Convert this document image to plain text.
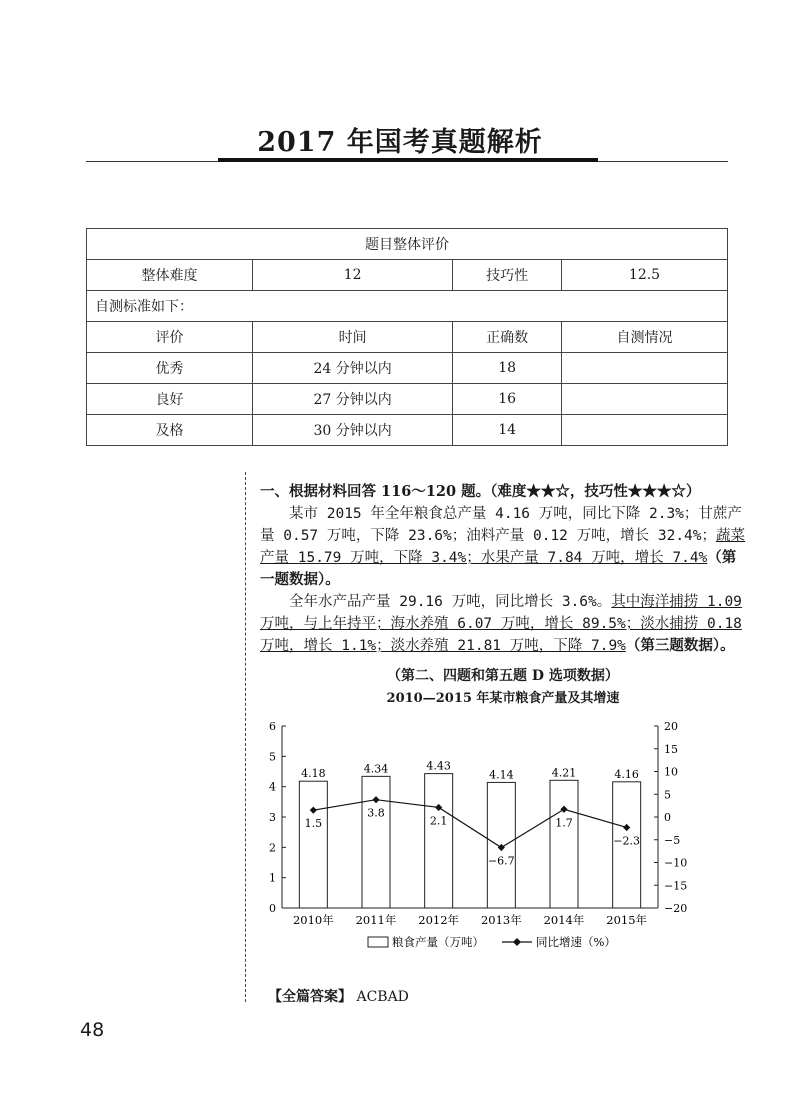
2017 年国考真题解析
题目整体评价			
整体难度	12	技巧性	12.5
自测标准如下：			
评价	时间	正确数	自测情况
优秀	24 分钟以内	18	
良好	27 分钟以内	16	
及格	30 分钟以内	14	
一、根据材料回答 116～120 题。（难度★★☆，技巧性★★★☆）

某市 2015 年全年粮食总产量 4.16 万吨，同比下降 2.3%；甘蔗产量 0.57 万吨，下降 23.6%；油料产量 0.12 万吨，增长 32.4%；蔬菜产量 15.79 万吨，下降 3.4%；水果产量 7.84 万吨，增长 7.4%（第一题数据）。

全年水产品产量 29.16 万吨，同比增长 3.6%。其中海洋捕捞 1.09 万吨，与上年持平；海水养殖 6.07 万吨，增长 89.5%；淡水捕捞 0.18 万吨，增长 1.1%；淡水养殖 21.81 万吨，下降 7.9%（第三题数据）。

（第二、四题和第五题 D 选项数据）
2010—2015 年某市粮食产量及其增速
0
1
2
3
4
5
6	20
15
10
5
0
−5
−10
−15
−20
4.18
2010年
4.34
2011年
4.43
2012年
4.14
2013年
4.21
2014年
4.16
2015年
1.5
3.8
2.1
−6.7
1.7
−2.3
粮食产量（万吨）	同比增速（%）
【全篇答案】 ACBAD
48
